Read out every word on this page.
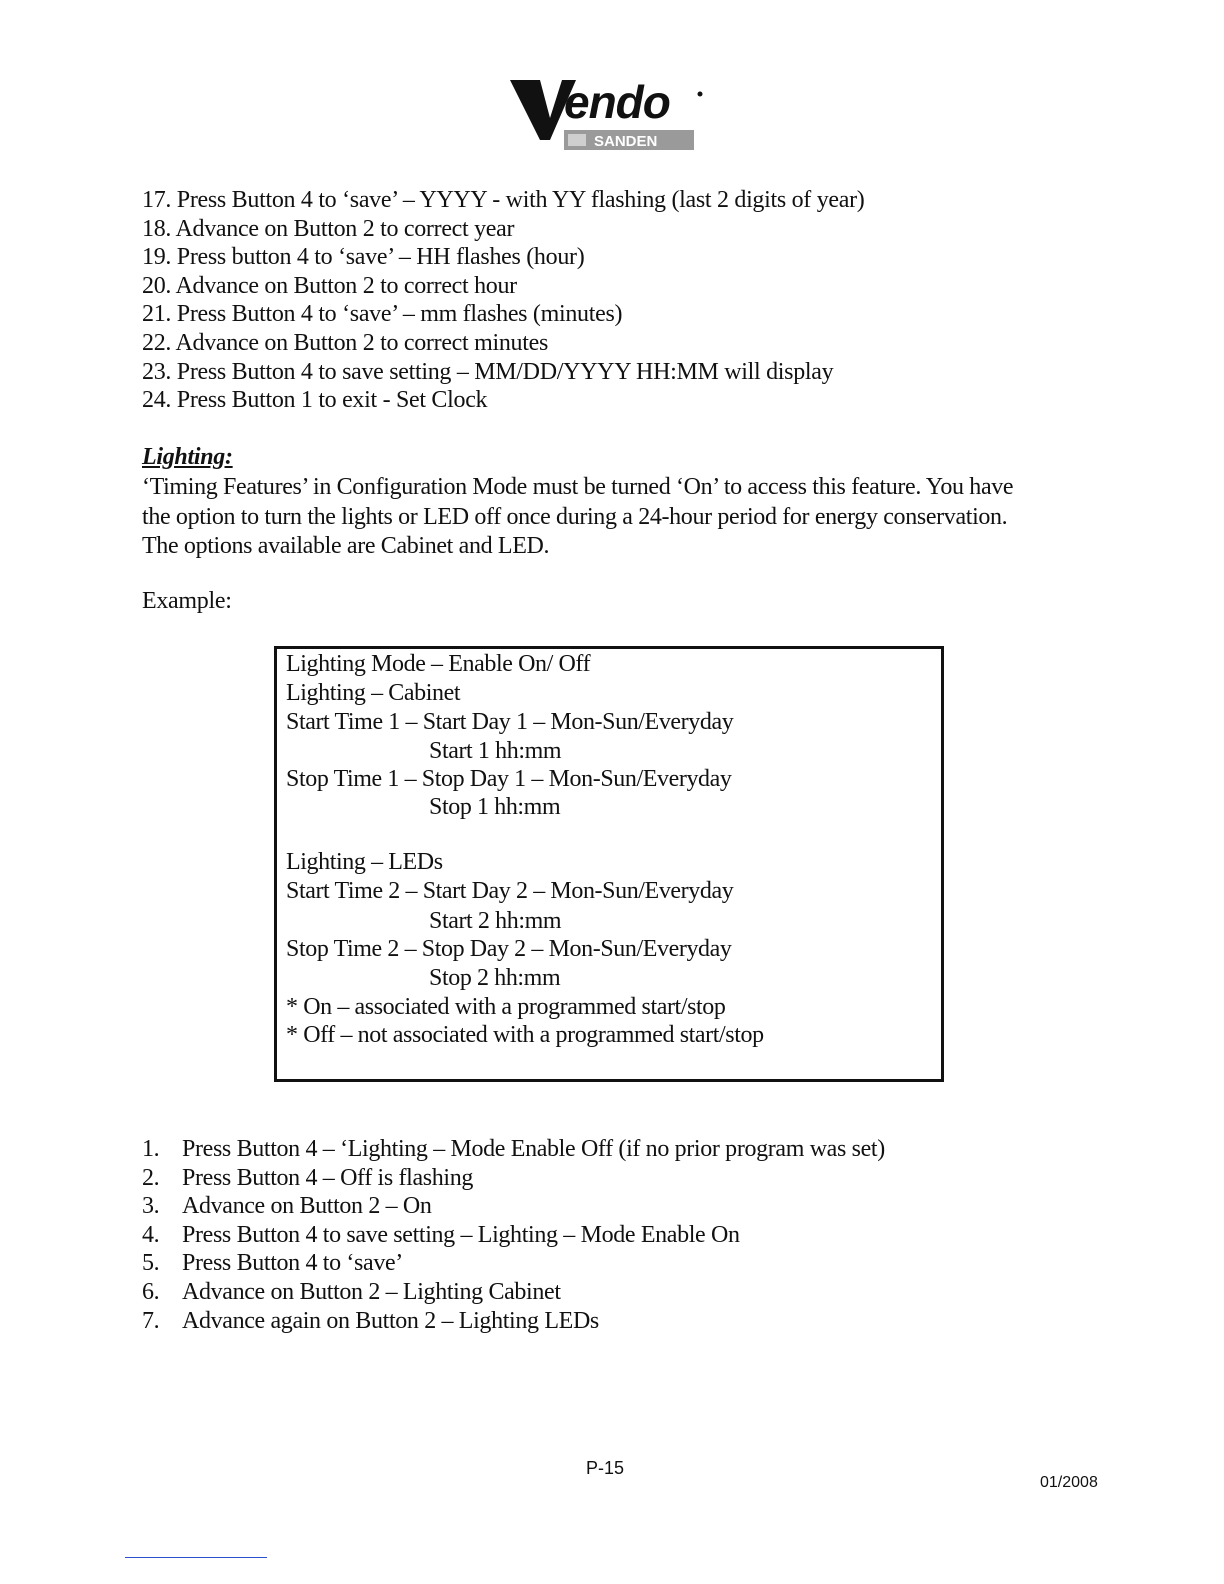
endo
SANDEN
17. Press Button 4 to ‘save’ – YYYY - with YY flashing (last 2 digits of year)
18. Advance on Button 2 to correct year
19. Press button 4 to ‘save’ – HH flashes (hour)
20. Advance on Button 2 to correct hour
21. Press Button 4 to ‘save’ – mm flashes (minutes)
22. Advance on Button 2 to correct minutes
23. Press Button 4 to save setting – MM/DD/YYYY HH:MM will display
24. Press Button 1 to exit - Set Clock
Lighting:

‘Timing Features’ in Configuration Mode must be turned ‘On’ to access this feature. You have
the option to turn the lights or LED off once during a 24-hour period for energy conservation.
The options available are Cabinet and LED.

Example:
Lighting Mode – Enable On/ Off
Lighting – Cabinet
Start Time 1 – Start Day 1 – Mon-Sun/Everyday
Start 1 hh:mm
Stop Time 1 – Stop Day 1 – Mon-Sun/Everyday
Stop 1 hh:mm
Lighting – LEDs
Start Time 2 – Start Day 2 – Mon-Sun/Everyday
Start 2 hh:mm
Stop Time 2 – Stop Day 2 – Mon-Sun/Everyday
Stop 2 hh:mm
* On – associated with a programmed start/stop
* Off – not associated with a programmed start/stop
1. Press Button 4 – ‘Lighting – Mode Enable Off (if no prior program was set)
2. Press Button 4 – Off is flashing
3. Advance on Button 2 – On
4. Press Button 4 to save setting – Lighting – Mode Enable On
5. Press Button 4 to ‘save’
6. Advance on Button 2 – Lighting Cabinet
7. Advance again on Button 2 – Lighting LEDs
P-15
01/2008
